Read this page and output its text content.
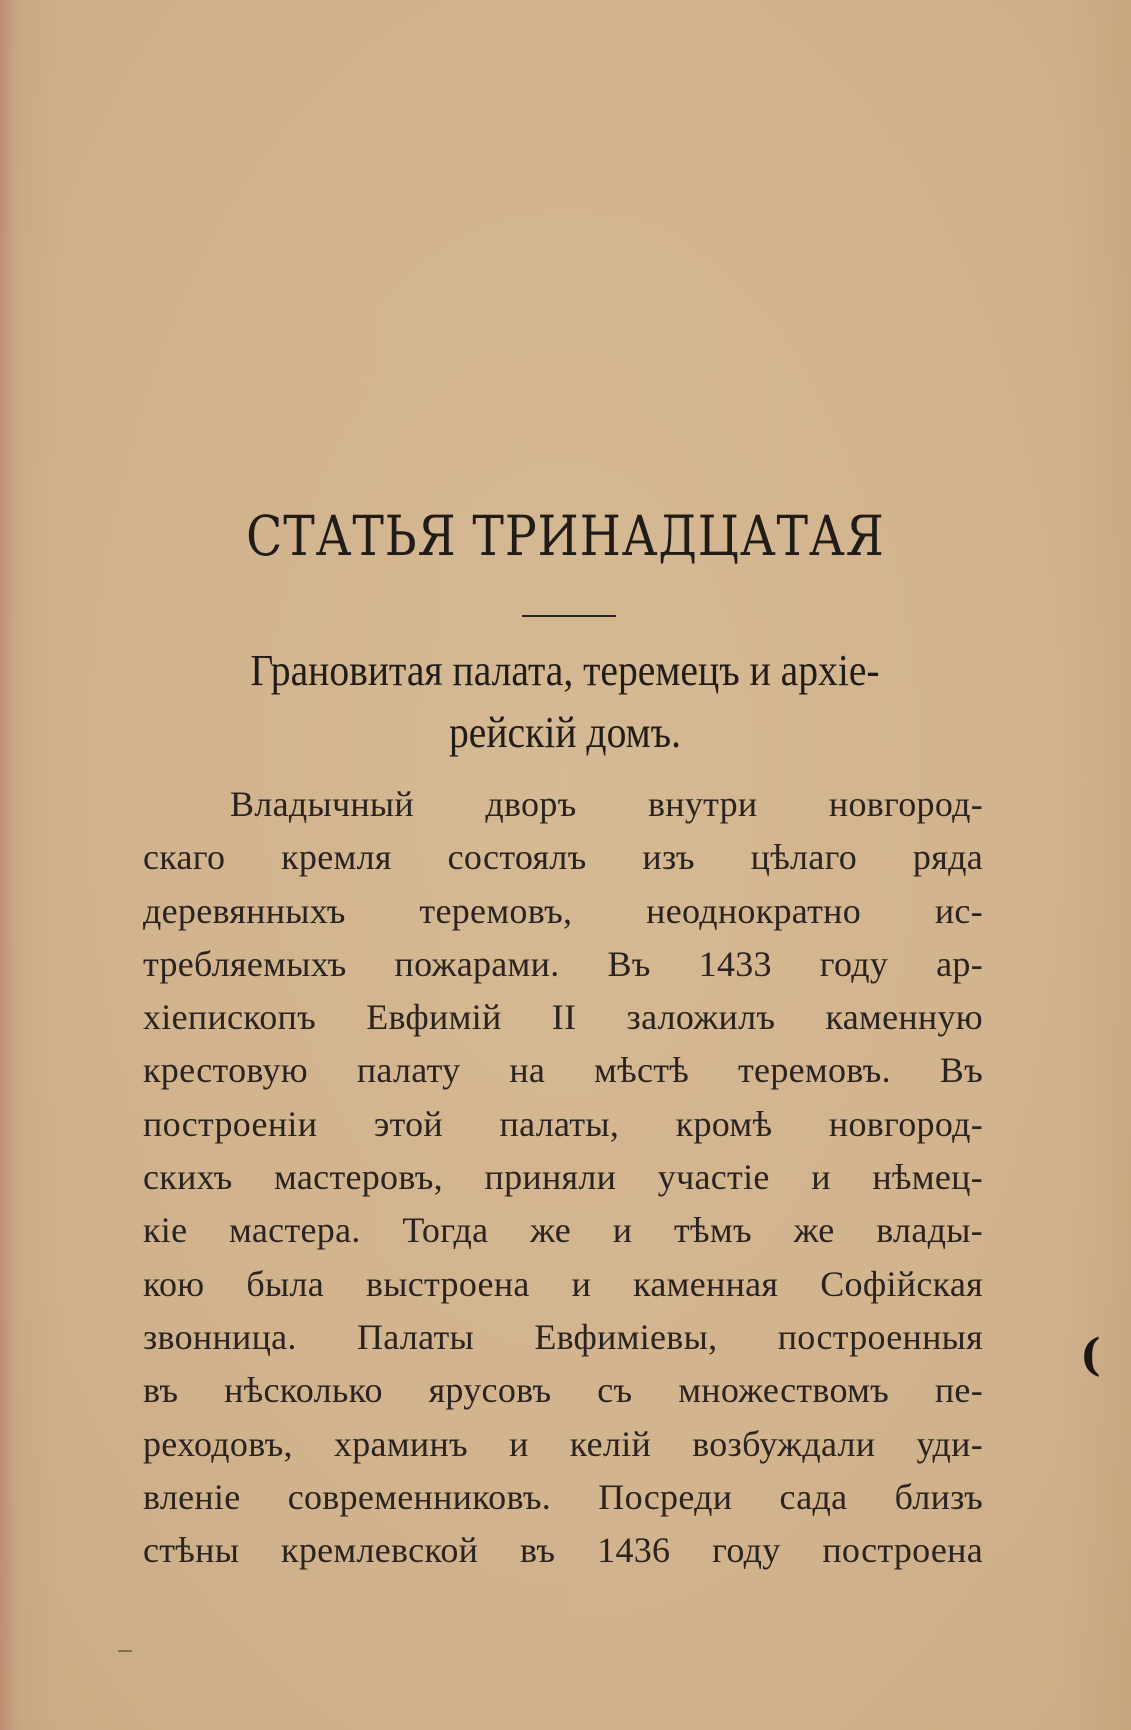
СТАТЬЯ ТРИНАДЦАТАЯ
Грановитая палата, теремецъ и архіе-
рейскій домъ.
Владычный дворъ внутри новгород-
скаго кремля состоялъ изъ цѣлаго ряда
деревянныхъ теремовъ, неоднократно ис-
требляемыхъ пожарами. Въ 1433 году ар-
хіепископъ Евфимій II заложилъ каменную
крестовую палату на мѣстѣ теремовъ. Въ
построеніи этой палаты, кромѣ новгород-
скихъ мастеровъ, приняли участіе и нѣмец-
кіе мастера. Тогда же и тѣмъ же влады-
кою была выстроена и каменная Софійская
звонница. Палаты Евфиміевы, построенныя
въ нѣсколько ярусовъ съ множествомъ пе-
реходовъ, храминъ и келій возбуждали уди-
вленіе современниковъ. Посреди сада близъ
стѣны кремлевской въ 1436 году построена
(
